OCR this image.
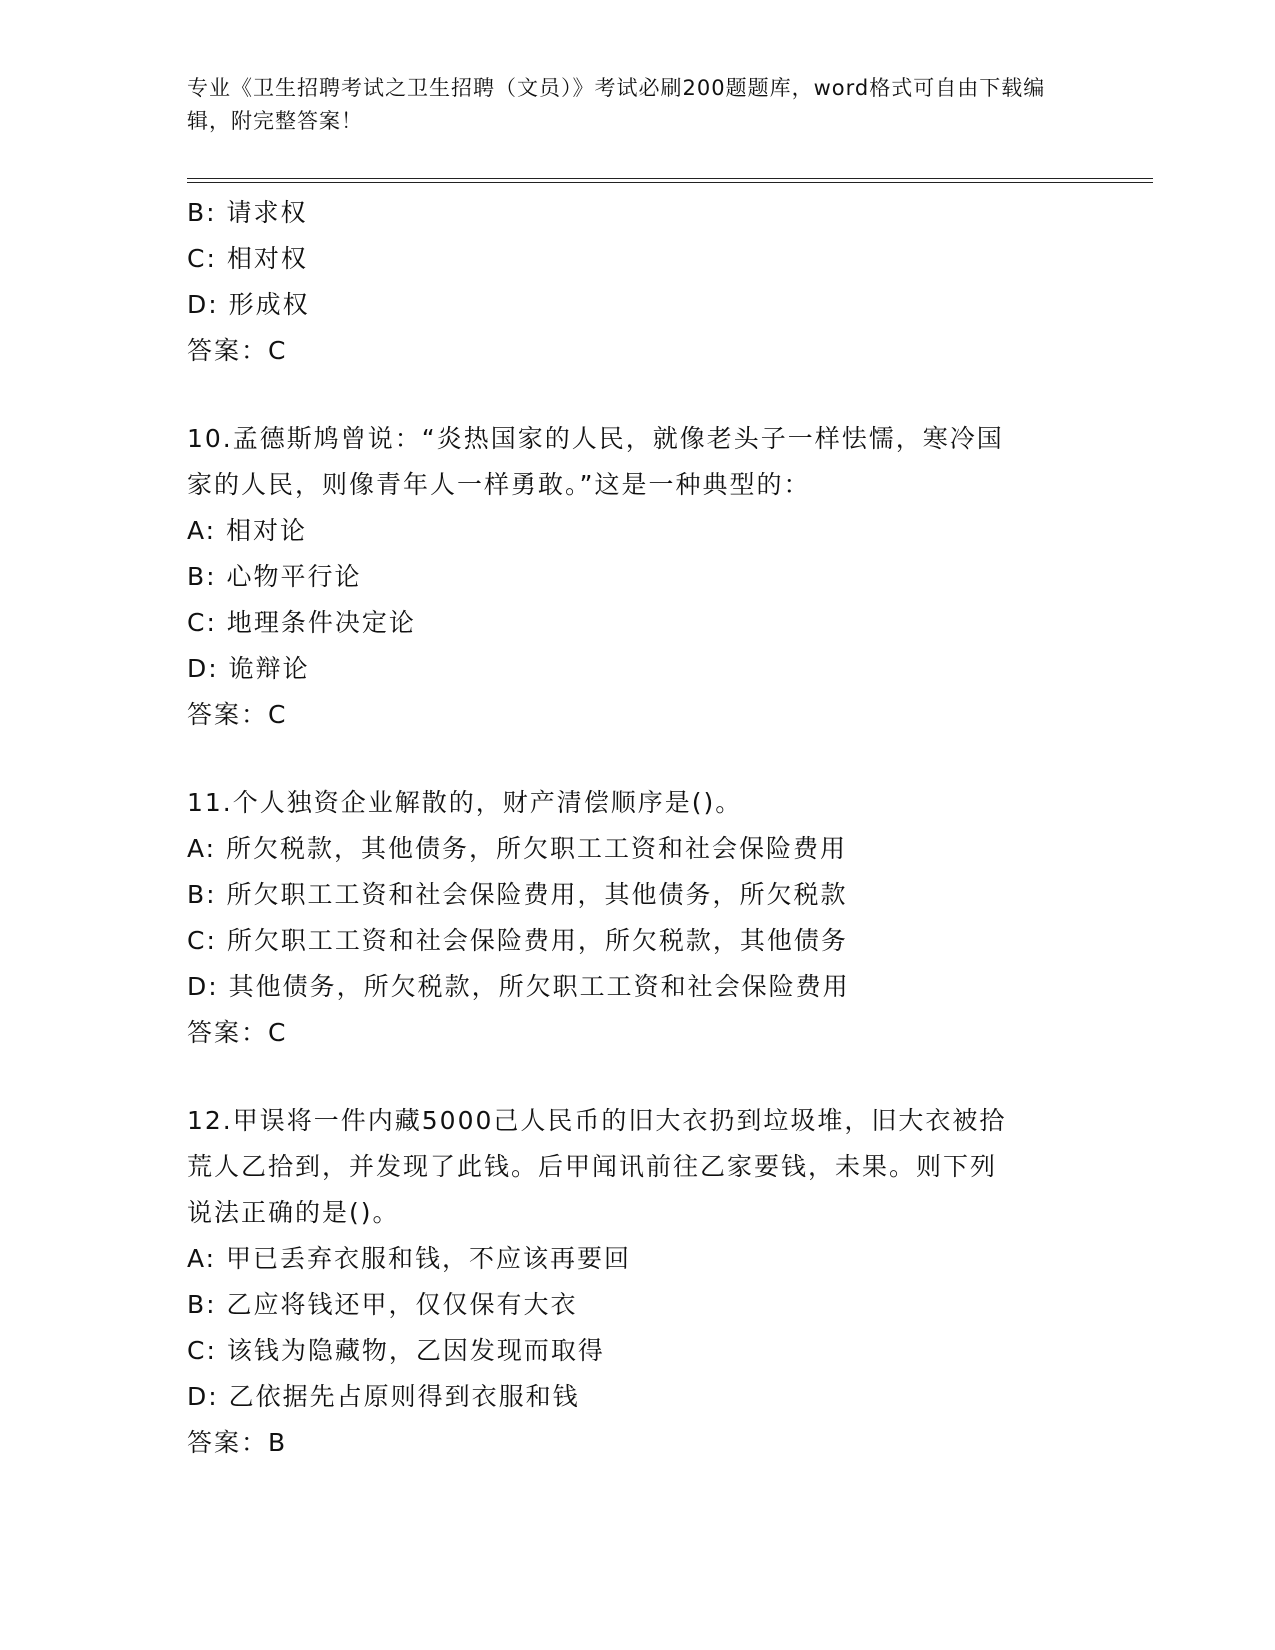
专业《卫生招聘考试之卫生招聘（文员）》考试必刷200题题库，word格式可自由下载编辑，附完整答案！
B: 请求权
C: 相对权
D: 形成权
答案：C
10.孟德斯鸠曾说：“炎热国家的人民，就像老头子一样怯懦，寒冷国
家的人民，则像青年人一样勇敢。”这是一种典型的：
A: 相对论
B: 心物平行论
C: 地理条件决定论
D: 诡辩论
答案：C
11.个人独资企业解散的，财产清偿顺序是()。
A: 所欠税款，其他债务，所欠职工工资和社会保险费用
B: 所欠职工工资和社会保险费用，其他债务，所欠税款
C: 所欠职工工资和社会保险费用，所欠税款，其他债务
D: 其他债务，所欠税款，所欠职工工资和社会保险费用
答案：C
12.甲误将一件内藏5000己人民币的旧大衣扔到垃圾堆，旧大衣被拾
荒人乙拾到，并发现了此钱。后甲闻讯前往乙家要钱，未果。则下列
说法正确的是()。
A: 甲已丢弃衣服和钱，不应该再要回
B: 乙应将钱还甲，仅仅保有大衣
C: 该钱为隐藏物，乙因发现而取得
D: 乙依据先占原则得到衣服和钱
答案：B
